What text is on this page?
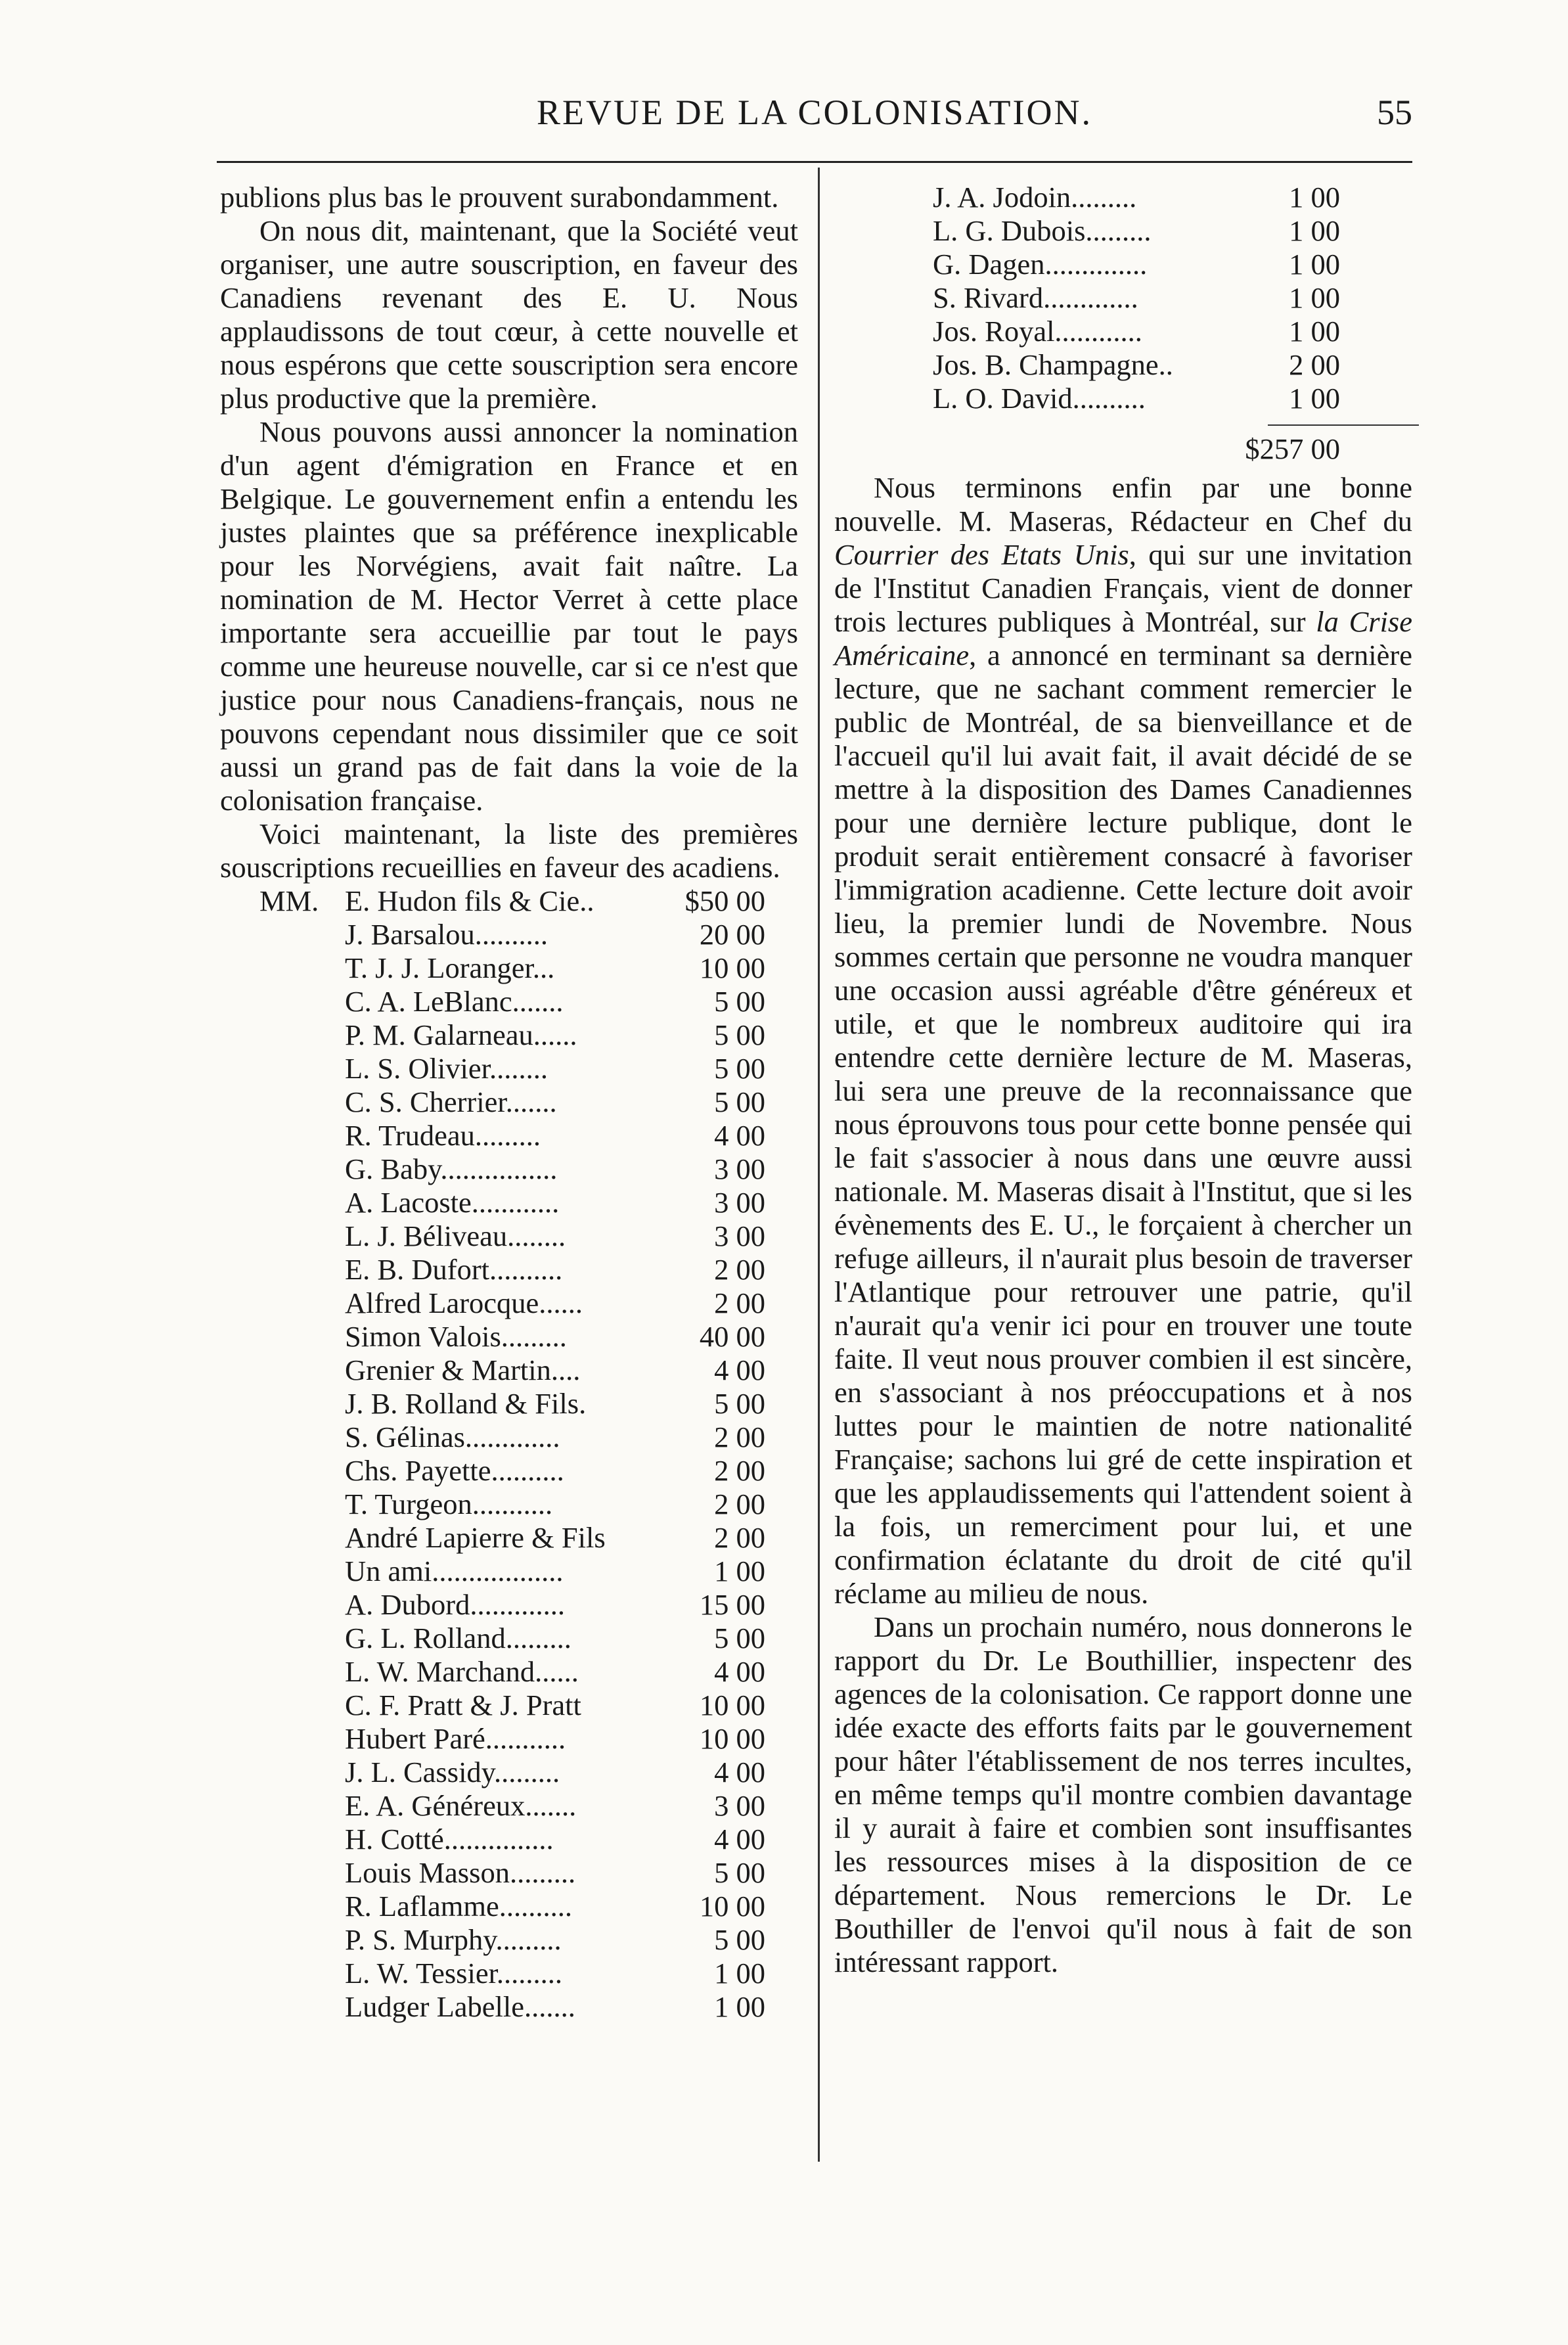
REVUE DE LA COLONISATION.	55

publions plus bas le prouvent surabondamment.

On nous dit, maintenant, que la Société veut organiser, une autre souscription, en faveur des Canadiens revenant des E. U. Nous applaudissons de tout cœur, à cette nouvelle et nous espérons que cette souscription sera encore plus productive que la première.

Nous pouvons aussi annoncer la nomination d'un agent d'émigration en France et en Belgique. Le gouvernement enfin a entendu les justes plaintes que sa préférence inexplicable pour les Norvégiens, avait fait naître. La nomination de M. Hector Verret à cette place importante sera accueillie par tout le pays comme une heureuse nouvelle, car si ce n'est que justice pour nous Canadiens-français, nous ne pouvons cependant nous dissimiler que ce soit aussi un grand pas de fait dans la voie de la colonisation française.

Voici maintenant, la liste des premières souscriptions recueillies en faveur des acadiens.

MM. E. Hudon fils & Cie..	$50 00
J. Barsalou..........	20 00
T. J. J. Loranger...	10 00
C. A. LeBlanc.......	5 00
P. M. Galarneau......	5 00
L. S. Olivier........	5 00
C. S. Cherrier.......	5 00
R. Trudeau.........	4 00
G. Baby................	3 00
A. Lacoste............	3 00
L. J. Béliveau........	3 00
E. B. Dufort..........	2 00
Alfred Larocque......	2 00
Simon Valois.........	40 00
Grenier & Martin....	4 00
J. B. Rolland & Fils.	5 00
S. Gélinas.............	2 00
Chs. Payette..........	2 00
T. Turgeon...........	2 00
André Lapierre & Fils	2 00
Un ami..................	1 00
A. Dubord.............	15 00
G. L. Rolland.........	5 00
L. W. Marchand......	4 00
C. F. Pratt & J. Pratt	10 00
Hubert Paré...........	10 00
J. L. Cassidy.........	4 00
E. A. Généreux.......	3 00
H. Cotté...............	4 00
Louis Masson.........	5 00
R. Laflamme..........	10 00
P. S. Murphy.........	5 00
L. W. Tessier.........	1 00
Ludger Labelle.......	1 00
J. A. Jodoin.........	1 00
L. G. Dubois.........	1 00
G. Dagen..............	1 00
S. Rivard.............	1 00
Jos. Royal............	1 00
Jos. B. Champagne..	2 00
L. O. David..........	1 00
$257 00

Nous terminons enfin par une bonne nouvelle. M. Maseras, Rédacteur en Chef du Courrier des Etats Unis, qui sur une invitation de l'Institut Canadien Français, vient de donner trois lectures publiques à Montréal, sur la Crise Américaine, a annoncé en terminant sa dernière lecture, que ne sachant comment remercier le public de Montréal, de sa bienveillance et de l'accueil qu'il lui avait fait, il avait décidé de se mettre à la disposition des Dames Canadiennes pour une dernière lecture publique, dont le produit serait entièrement consacré à favoriser l'immigration acadienne. Cette lecture doit avoir lieu, la premier lundi de Novembre. Nous sommes certain que personne ne voudra manquer une occasion aussi agréable d'être généreux et utile, et que le nombreux auditoire qui ira entendre cette dernière lecture de M. Maseras, lui sera une preuve de la reconnaissance que nous éprouvons tous pour cette bonne pensée qui le fait s'associer à nous dans une œuvre aussi nationale. M. Maseras disait à l'Institut, que si les évènements des E. U., le forçaient à chercher un refuge ailleurs, il n'aurait plus besoin de traverser l'Atlantique pour retrouver une patrie, qu'il n'aurait qu'a venir ici pour en trouver une toute faite. Il veut nous prouver combien il est sincère, en s'associant à nos préoccupations et à nos luttes pour le maintien de notre nationalité Française; sachons lui gré de cette inspiration et que les applaudissements qui l'attendent soient à la fois, un remerciment pour lui, et une confirmation éclatante du droit de cité qu'il réclame au milieu de nous.

Dans un prochain numéro, nous donnerons le rapport du Dr. Le Bouthillier, inspectenr des agences de la colonisation. Ce rapport donne une idée exacte des efforts faits par le gouvernement pour hâter l'établissement de nos terres incultes, en même temps qu'il montre combien davantage il y aurait à faire et combien sont insuffisantes les ressources mises à la disposition de ce département. Nous remercions le Dr. Le Bouthiller de l'envoi qu'il nous à fait de son intéressant rapport.
